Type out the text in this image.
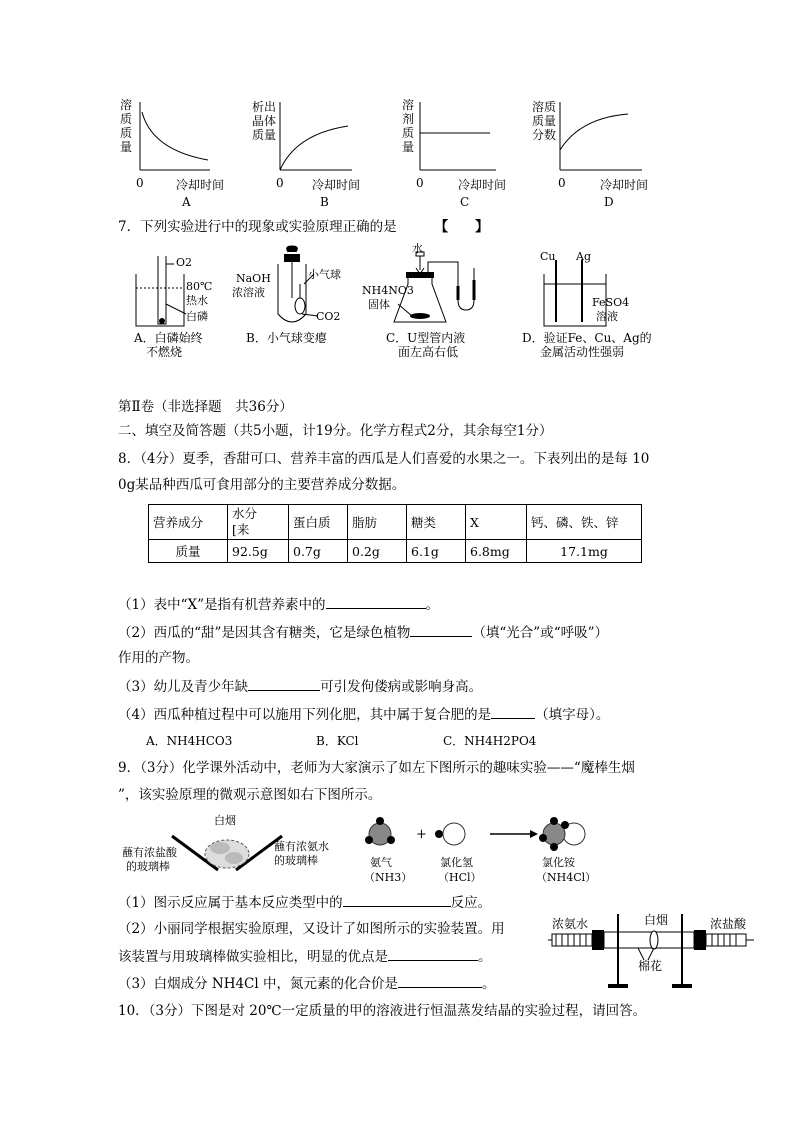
溶
质
质
量
0	冷却时间
A
析出
晶体
质量
0 冷却时间
B
溶
剂
质
量
0	冷却时间
C
溶质
质量
分数
0	冷却时间
D
7．下列实验进行中的现象或实验原理正确的是	【　　】
O2
80℃
热水
白磷
A．白磷始终
不燃烧
NaOH
浓溶液
小气球
CO2
B．小气球变瘪
水
NH4NO3
固体
C．U型管内液
面左高右低
Cu Ag
FeSO4
溶液
D．验证Fe、Cu、Ag的
金属活动性强弱
第Ⅱ卷（非选择题　共36分）
二、填空及简答题（共5小题，计19分。化学方程式2分，其余每空1分）
8．（4分）夏季，香甜可口、营养丰富的西瓜是人们喜爱的水果之一。下表列出的是每 10
0g某品种西瓜可食用部分的主要营养成分数据。
营养成分	水分
[来	蛋白质	脂肪	糖类	X	钙、磷、铁、锌
质量	92.5g	0.7g	0.2g	6.1g	6.8mg	17.1mg
（1）表中“X”是指有机营养素中的	。
（2）西瓜的“甜”是因其含有糖类，它是绿色植物	（填“光合”或“呼吸”）
作用的产物。
（3）幼儿及青少年缺	可引发佝偻病或影响身高。
（4）西瓜种植过程中可以施用下列化肥，其中属于复合肥的是	（填字母）。
A．NH4HCO3	B．KCl	C．NH4H2PO4
9．（3分）化学课外活动中，老师为大家演示了如左下图所示的趣味实验——“魔棒生烟
”，该实验原理的微观示意图如右下图所示。
白烟
蘸有浓盐酸
的玻璃棒
蘸有浓氨水
的玻璃棒
+
氨气
（NH3）
氯化氢
（HCl）
氯化铵
（NH4Cl）
（1）图示反应属于基本反应类型中的	反应。
（2）小丽同学根据实验原理，又设计了如图所示的实验装置。用
该装置与用玻璃棒做实验相比，明显的优点是	。
（3）白烟成分 NH4Cl 中，氮元素的化合价是	。
浓氨水	白烟	浓盐酸
棉花
10．（3分）下图是对 20℃一定质量的甲的溶液进行恒温蒸发结晶的实验过程，请回答。
